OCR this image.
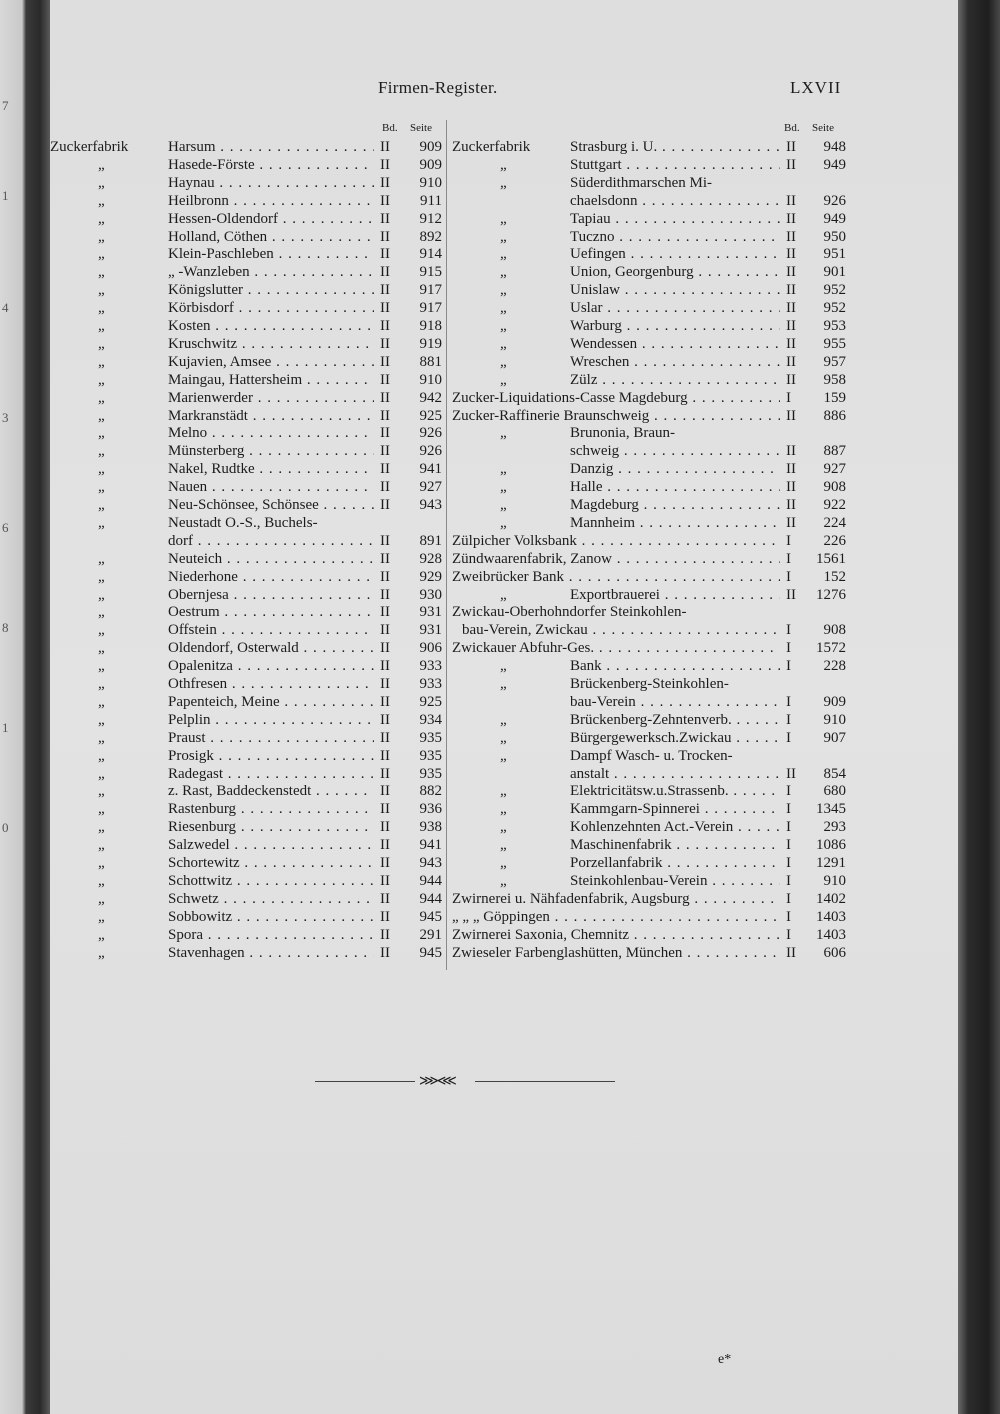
7
1
4
3
6
8
1
0
Firmen-Register.	LXVII
Bd. Seite	Bd. Seite
Zuckerfabrik	Harsum . . .	II	909
„	Hasede-Förste . . .	II	909
„	Haynau . . .	II	910
„	Heilbronn . . .	II	911
„	Hessen-Oldendorf . . .	II	912
„	Holland, Cöthen . . .	II	892
„	Klein-Paschleben . . .	II	914
„	„ -Wanzleben . . .	II	915
„	Königslutter . . .	II	917
„	Körbisdorf . . .	II	917
„	Kosten . . .	II	918
„	Kruschwitz . . .	II	919
„	Kujavien, Amsee . . .	II	881
„	Maingau, Hattersheim . . .	II	910
„	Marienwerder . . .	II	942
„	Markranstädt . . .	II	925
„	Melno . . .	II	926
„	Münsterberg . . .	II	926
„	Nakel, Rudtke . . .	II	941
„	Nauen . . .	II	927
„	Neu-Schönsee, Schönsee . . .	II	943
„	Neustadt O.-S., Buchels-
dorf . . .	II	891
„	Neuteich . . .	II	928
„	Niederhone . . .	II	929
„	Obernjesa . . .	II	930
„	Oestrum . . .	II	931
„	Offstein . . .	II	931
„	Oldendorf, Osterwald . . .	II	906
„	Opalenitza . . .	II	933
„	Othfresen . . .	II	933
„	Papenteich, Meine . . .	II	925
„	Pelplin . . .	II	934
„	Praust . . .	II	935
„	Prosigk . . .	II	935
„	Radegast . . .	II	935
„	z. Rast, Baddeckenstedt . . .	II	882
„	Rastenburg . . .	II	936
„	Riesenburg . . .	II	938
„	Salzwedel . . .	II	941
„	Schortewitz . . .	II	943
„	Schottwitz . . .	II	944
„	Schwetz . . .	II	944
„	Sobbowitz . . .	II	945
„	Spora . . .	II	291
„	Stavenhagen . . .	II	945
Zuckerfabrik	Strasburg i. U. . . .	II	948
„	Stuttgart . . .	II	949
„	Süderdithmarschen Mi-
chaelsdonn . . .	II	926
„	Tapiau . . .	II	949
„	Tuczno . . .	II	950
„	Uefingen . . .	II	951
„	Union, Georgenburg . . .	II	901
„	Unislaw . . .	II	952
„	Uslar . . .	II	952
„	Warburg . . .	II	953
„	Wendessen . . .	II	955
„	Wreschen . . .	II	957
„	Zülz . . .	II	958
Zucker-Liquidations-Casse Magdeburg . . .	I	159
Zucker-Raffinerie Braunschweig . . .	II	886
„	Brunonia, Braun-
schweig . . .	II	887
„	Danzig . . .	II	927
„	Halle . . .	II	908
„	Magdeburg . . .	II	922
„	Mannheim . . .	II	224
Zülpicher Volksbank . . .	I	226
Zündwaarenfabrik, Zanow . . .	I	1561
Zweibrücker Bank . . .	I	152
„	Exportbrauerei . . .	II	1276
Zwickau-Oberhohndorfer Steinkohlen-
bau-Verein, Zwickau . . .	I	908
Zwickauer Abfuhr-Ges. . . .	I	1572
„	Bank . . .	I	228
„	Brückenberg-Steinkohlen-
bau-Verein . . .	I	909
„	Brückenberg-Zehntenverb. . . .	I	910
„	Bürgergewerksch.Zwickau . . .	I	907
„	Dampf Wasch- u. Trocken-
anstalt . . .	II	854
„	Elektricitätsw.u.Strassenb. . . .	I	680
„	Kammgarn-Spinnerei . . .	I	1345
„	Kohlenzehnten Act.-Verein . . .	I	293
„	Maschinenfabrik . . .	I	1086
„	Porzellanfabrik . . .	I	1291
„	Steinkohlenbau-Verein . . .	I	910
Zwirnerei u. Nähfadenfabrik, Augsburg . . .	I	1402
„ „ „ Göppingen . . .	I	1403
Zwirnerei Saxonia, Chemnitz . . .	I	1403
Zwieseler Farbenglashütten, München . . .	II	606
⋙⋘
e*
